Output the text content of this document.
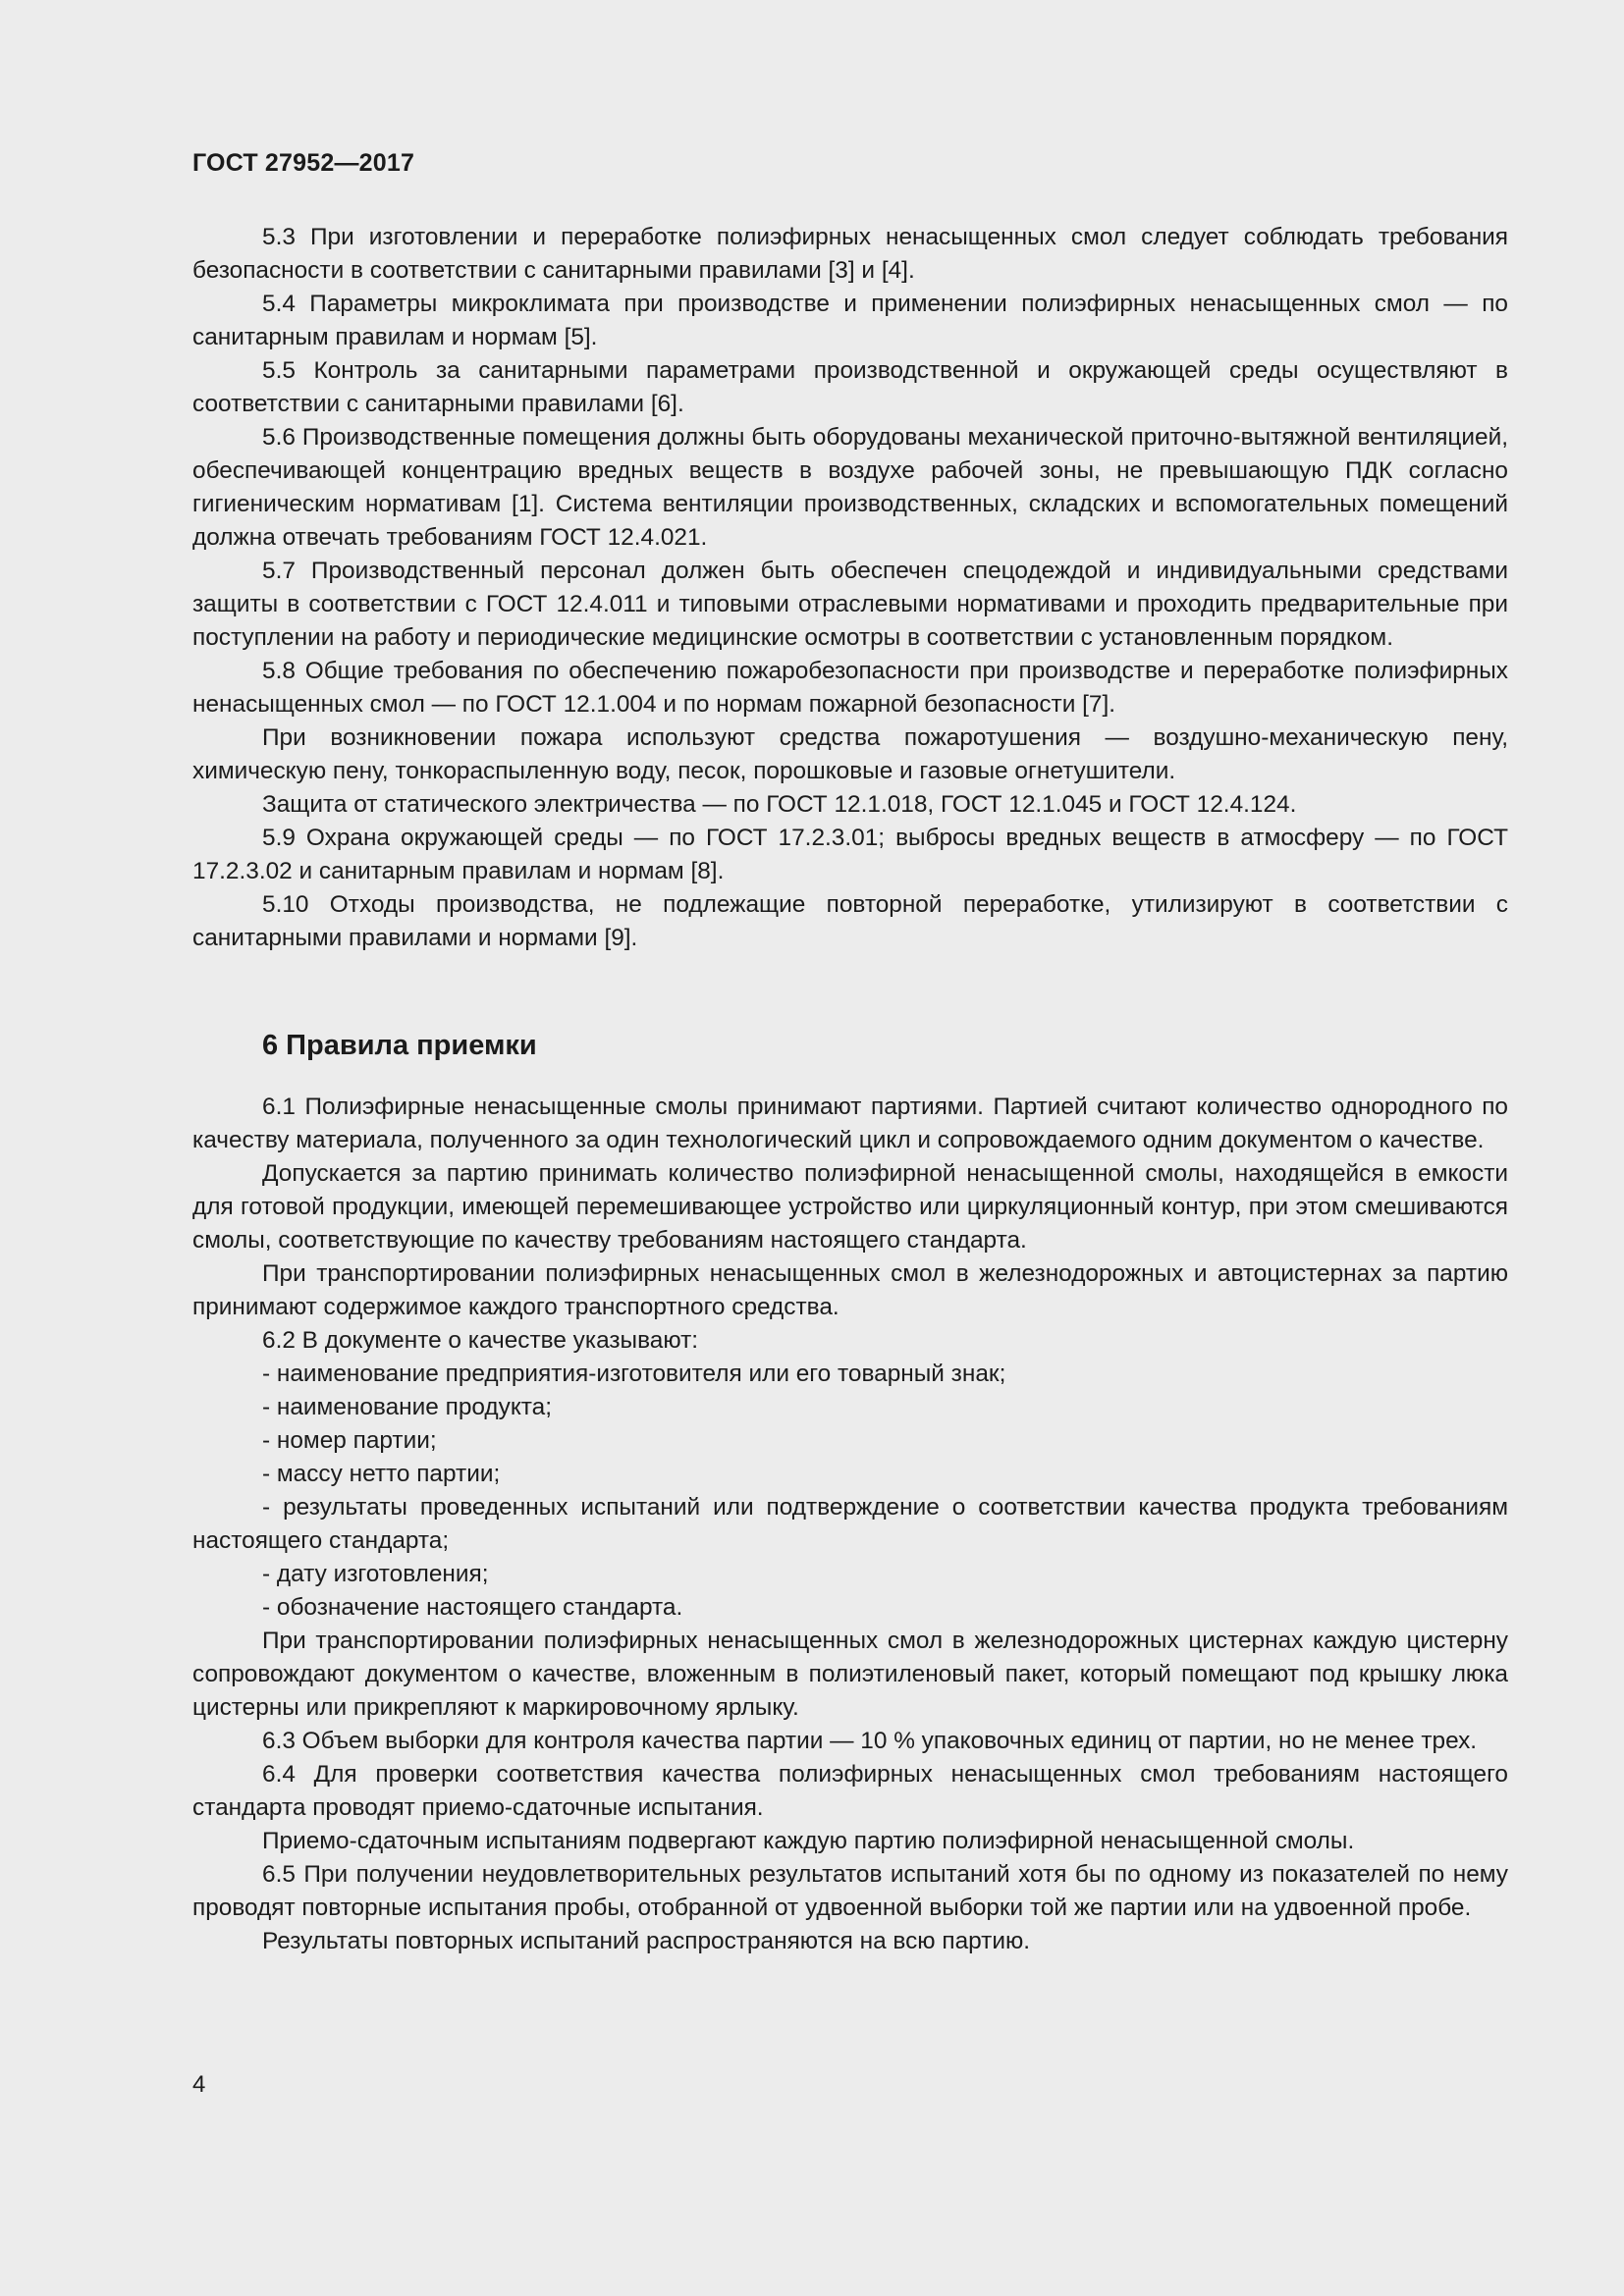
ГОСТ 27952—2017

5.3 При изготовлении и переработке полиэфирных ненасыщенных смол следует соблюдать требования безопасности в соответствии с санитарными правилами [3] и [4].

5.4 Параметры микроклимата при производстве и применении полиэфирных ненасыщенных смол — по санитарным правилам и нормам [5].

5.5 Контроль за санитарными параметрами производственной и окружающей среды осуществляют в соответствии с санитарными правилами [6].

5.6 Производственные помещения должны быть оборудованы механической приточно-вытяжной вентиляцией, обеспечивающей концентрацию вредных веществ в воздухе рабочей зоны, не превышающую ПДК согласно гигиеническим нормативам [1]. Система вентиляции производственных, складских и вспомогательных помещений должна отвечать требованиям ГОСТ 12.4.021.

5.7 Производственный персонал должен быть обеспечен спецодеждой и индивидуальными средствами защиты в соответствии с ГОСТ 12.4.011 и типовыми отраслевыми нормативами и проходить предварительные при поступлении на работу и периодические медицинские осмотры в соответствии с установленным порядком.

5.8 Общие требования по обеспечению пожаробезопасности при производстве и переработке полиэфирных ненасыщенных смол — по ГОСТ 12.1.004 и по нормам пожарной безопасности [7].

При возникновении пожара используют средства пожаротушения — воздушно-механическую пену, химическую пену, тонкораспыленную воду, песок, порошковые и газовые огнетушители.

Защита от статического электричества — по ГОСТ 12.1.018, ГОСТ 12.1.045 и ГОСТ 12.4.124.

5.9 Охрана окружающей среды — по ГОСТ 17.2.3.01; выбросы вредных веществ в атмосферу — по ГОСТ 17.2.3.02 и санитарным правилам и нормам [8].

5.10 Отходы производства, не подлежащие повторной переработке, утилизируют в соответствии с санитарными правилами и нормами [9].

6 Правила приемки

6.1 Полиэфирные ненасыщенные смолы принимают партиями. Партией считают количество однородного по качеству материала, полученного за один технологический цикл и сопровождаемого одним документом о качестве.

Допускается за партию принимать количество полиэфирной ненасыщенной смолы, находящейся в емкости для готовой продукции, имеющей перемешивающее устройство или циркуляционный контур, при этом смешиваются смолы, соответствующие по качеству требованиям настоящего стандарта.

При транспортировании полиэфирных ненасыщенных смол в железнодорожных и автоцистернах за партию принимают содержимое каждого транспортного средства.

6.2 В документе о качестве указывают:

- наименование предприятия-изготовителя или его товарный знак;

- наименование продукта;

- номер партии;

- массу нетто партии;

- результаты проведенных испытаний или подтверждение о соответствии качества продукта требованиям настоящего стандарта;

- дату изготовления;

- обозначение настоящего стандарта.

При транспортировании полиэфирных ненасыщенных смол в железнодорожных цистернах каждую цистерну сопровождают документом о качестве, вложенным в полиэтиленовый пакет, который помещают под крышку люка цистерны или прикрепляют к маркировочному ярлыку.

6.3 Объем выборки для контроля качества партии — 10 % упаковочных единиц от партии, но не менее трех.

6.4 Для проверки соответствия качества полиэфирных ненасыщенных смол требованиям настоящего стандарта проводят приемо-сдаточные испытания.

Приемо-сдаточным испытаниям подвергают каждую партию полиэфирной ненасыщенной смолы.

6.5 При получении неудовлетворительных результатов испытаний хотя бы по одному из показателей по нему проводят повторные испытания пробы, отобранной от удвоенной выборки той же партии или на удвоенной пробе.

Результаты повторных испытаний распространяются на всю партию.

4
